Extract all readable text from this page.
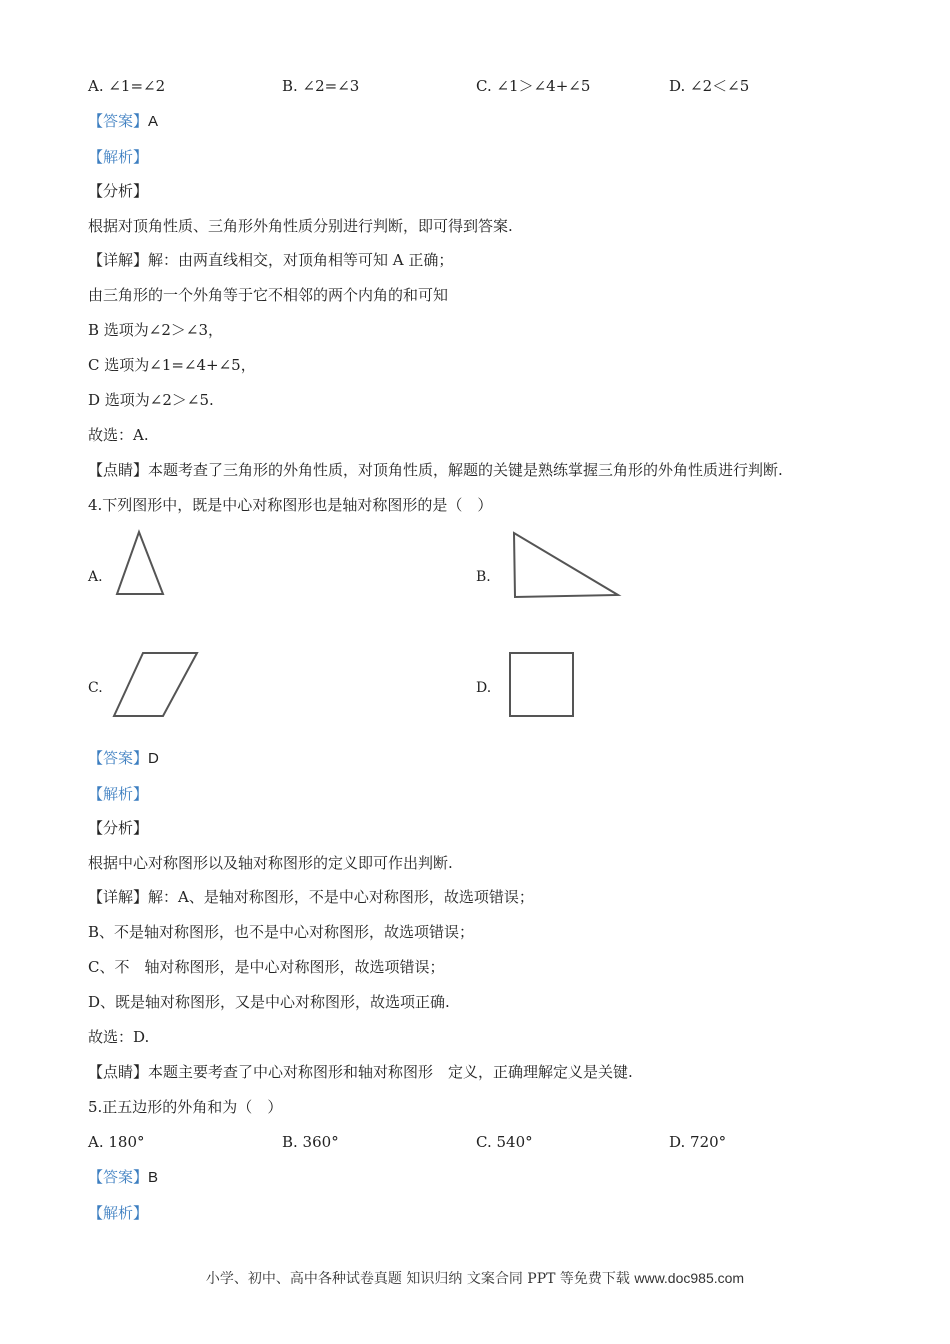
A. ∠1=∠2	B. ∠2=∠3	C. ∠1＞∠4+∠5	D. ∠2＜∠5
【答案】A
【解析】
【分析】
根据对顶角性质、三角形外角性质分别进行判断，即可得到答案.
【详解】解：由两直线相交，对顶角相等可知 A 正确；
由三角形的一个外角等于它不相邻的两个内角的和可知
B 选项为∠2＞∠3，
C 选项为∠1=∠4+∠5，
D 选项为∠2＞∠5.
故选：A.
【点睛】本题考查了三角形的外角性质，对顶角性质，解题的关键是熟练掌握三角形的外角性质进行判断.
4.下列图形中，既是中心对称图形也是轴对称图形的是（　）
A.	B.
C.	D.
【答案】D
【解析】
【分析】
根据中心对称图形以及轴对称图形的定义即可作出判断.
【详解】解：A、是轴对称图形，不是中心对称图形，故选项错误；
B、不是轴对称图形，也不是中心对称图形，故选项错误；
C、不　轴对称图形，是中心对称图形，故选项错误；
D、既是轴对称图形，又是中心对称图形，故选项正确.
故选：D.
【点睛】本题主要考查了中心对称图形和轴对称图形　定义，正确理解定义是关键.
5.正五边形的外角和为（　）
A. 180°	B. 360°	C. 540°	D. 720°
【答案】B
【解析】
小学、初中、高中各种试卷真题 知识归纳 文案合同 PPT 等免费下载 www.doc985.com
